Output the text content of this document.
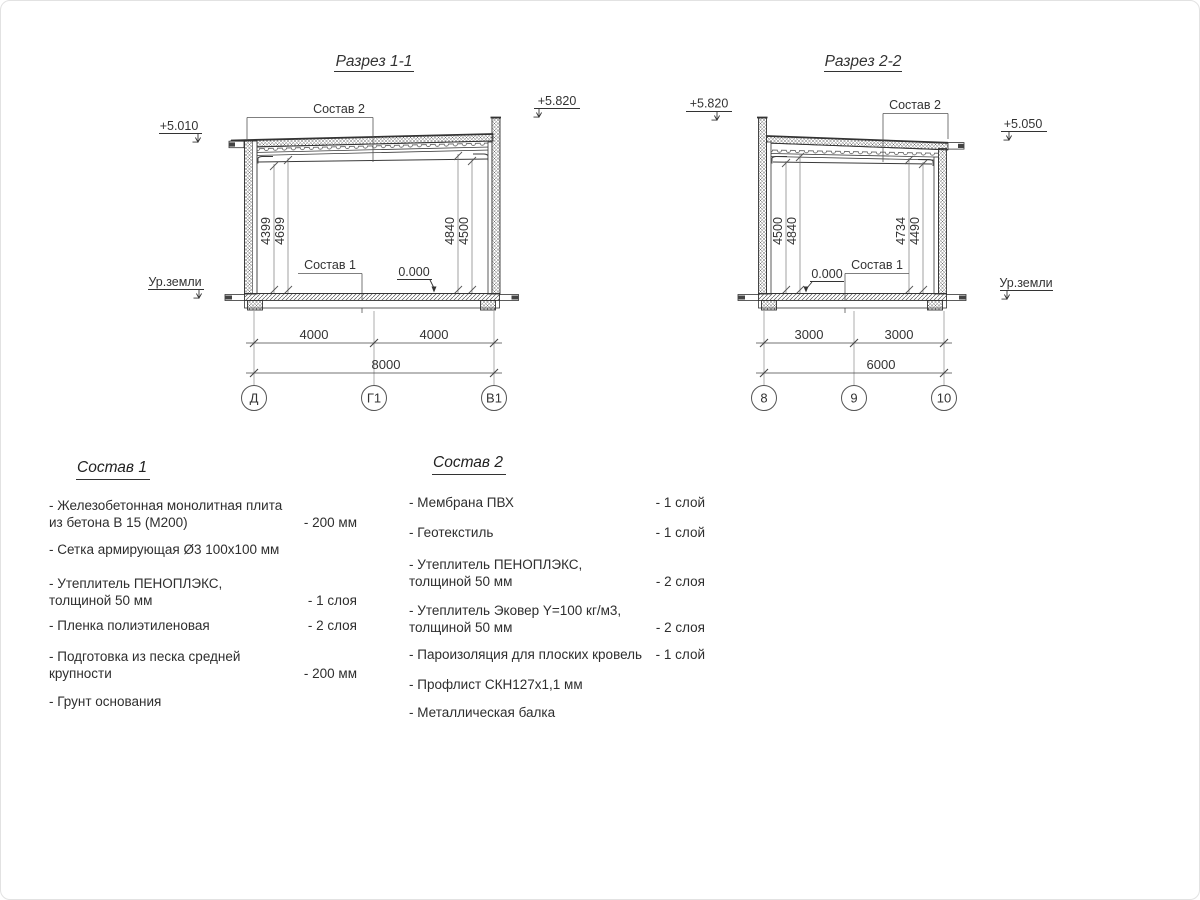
Разрез 1-1
Состав 2
+5.010
+5.820
Ур.земли
4399 4699	4840 4500
Состав 1	0.000
4000	4000
8000
Д	Г1	В1
Разрез 2-2
Состав 2
+5.820
+5.050
Ур.земли
4500 4840	4734 4490
Состав 1
0.000
3000	3000
6000
8	9	10
Состав 1
- Железобетонная монолитная плита
из бетона В 15 (М200)	- 200 мм
- Сетка армирующая Ø3 100х100 мм
- Утеплитель ПЕНОПЛЭКС,
толщиной 50 мм	- 1 слоя
- Пленка полиэтиленовая	- 2 слоя
- Подготовка из песка средней
крупности	- 200 мм
- Грунт основания
Состав 2
- Мембрана ПВХ	- 1 слой
- Геотекстиль	- 1 слой
- Утеплитель ПЕНОПЛЭКС,
толщиной 50 мм	- 2 слоя
- Утеплитель Эковер Y=100 кг/м3,
толщиной 50 мм	- 2 слоя
- Пароизоляция для плоских кровель	- 1 слой
- Профлист СКН127х1,1 мм
- Металлическая балка
